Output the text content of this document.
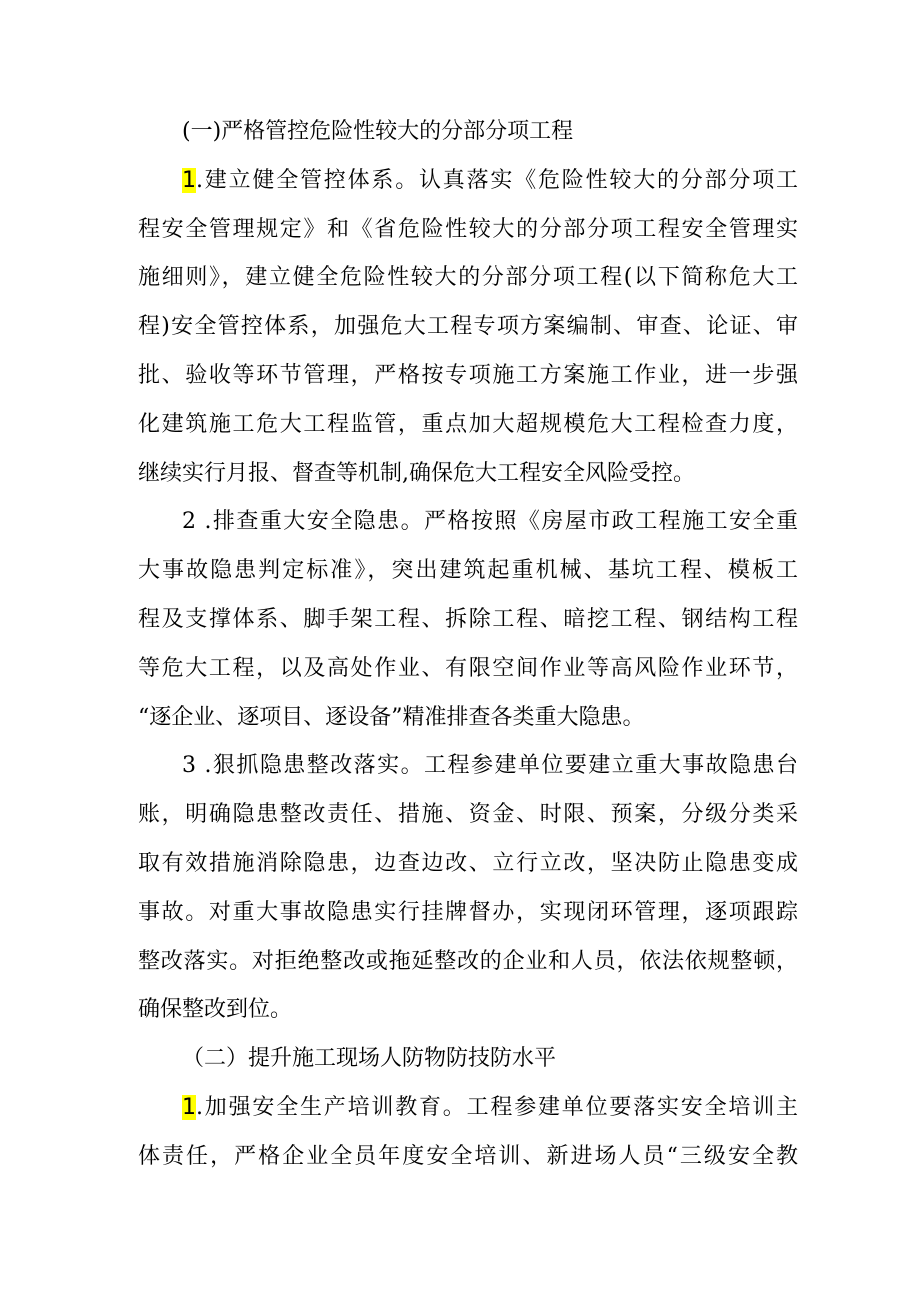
(一)严格管控危险性较大的分部分项工程
1.建立健全管控体系。认真落实《危险性较大的分部分项工
程安全管理规定》和《省危险性较大的分部分项工程安全管理实
施细则》，建立健全危险性较大的分部分项工程(以下简称危大工
程)安全管控体系，加强危大工程专项方案编制、审查、论证、审
批、验收等环节管理，严格按专项施工方案施工作业，进一步强
化建筑施工危大工程监管，重点加大超规模危大工程检查力度，
继续实行月报、督查等机制,确保危大工程安全风险受控。
2 .排查重大安全隐患。严格按照《房屋市政工程施工安全重
大事故隐患判定标准》，突出建筑起重机械、基坑工程、模板工
程及支撑体系、脚手架工程、拆除工程、暗挖工程、钢结构工程
等危大工程，以及高处作业、有限空间作业等高风险作业环节，
“逐企业、逐项目、逐设备”精准排查各类重大隐患。
3 .狠抓隐患整改落实。工程参建单位要建立重大事故隐患台
账，明确隐患整改责任、措施、资金、时限、预案，分级分类采
取有效措施消除隐患，边查边改、立行立改，坚决防止隐患变成
事故。对重大事故隐患实行挂牌督办，实现闭环管理，逐项跟踪
整改落实。对拒绝整改或拖延整改的企业和人员，依法依规整顿，
确保整改到位。
（二）提升施工现场人防物防技防水平
1.加强安全生产培训教育。工程参建单位要落实安全培训主
体责任，严格企业全员年度安全培训、新进场人员“三级安全教
